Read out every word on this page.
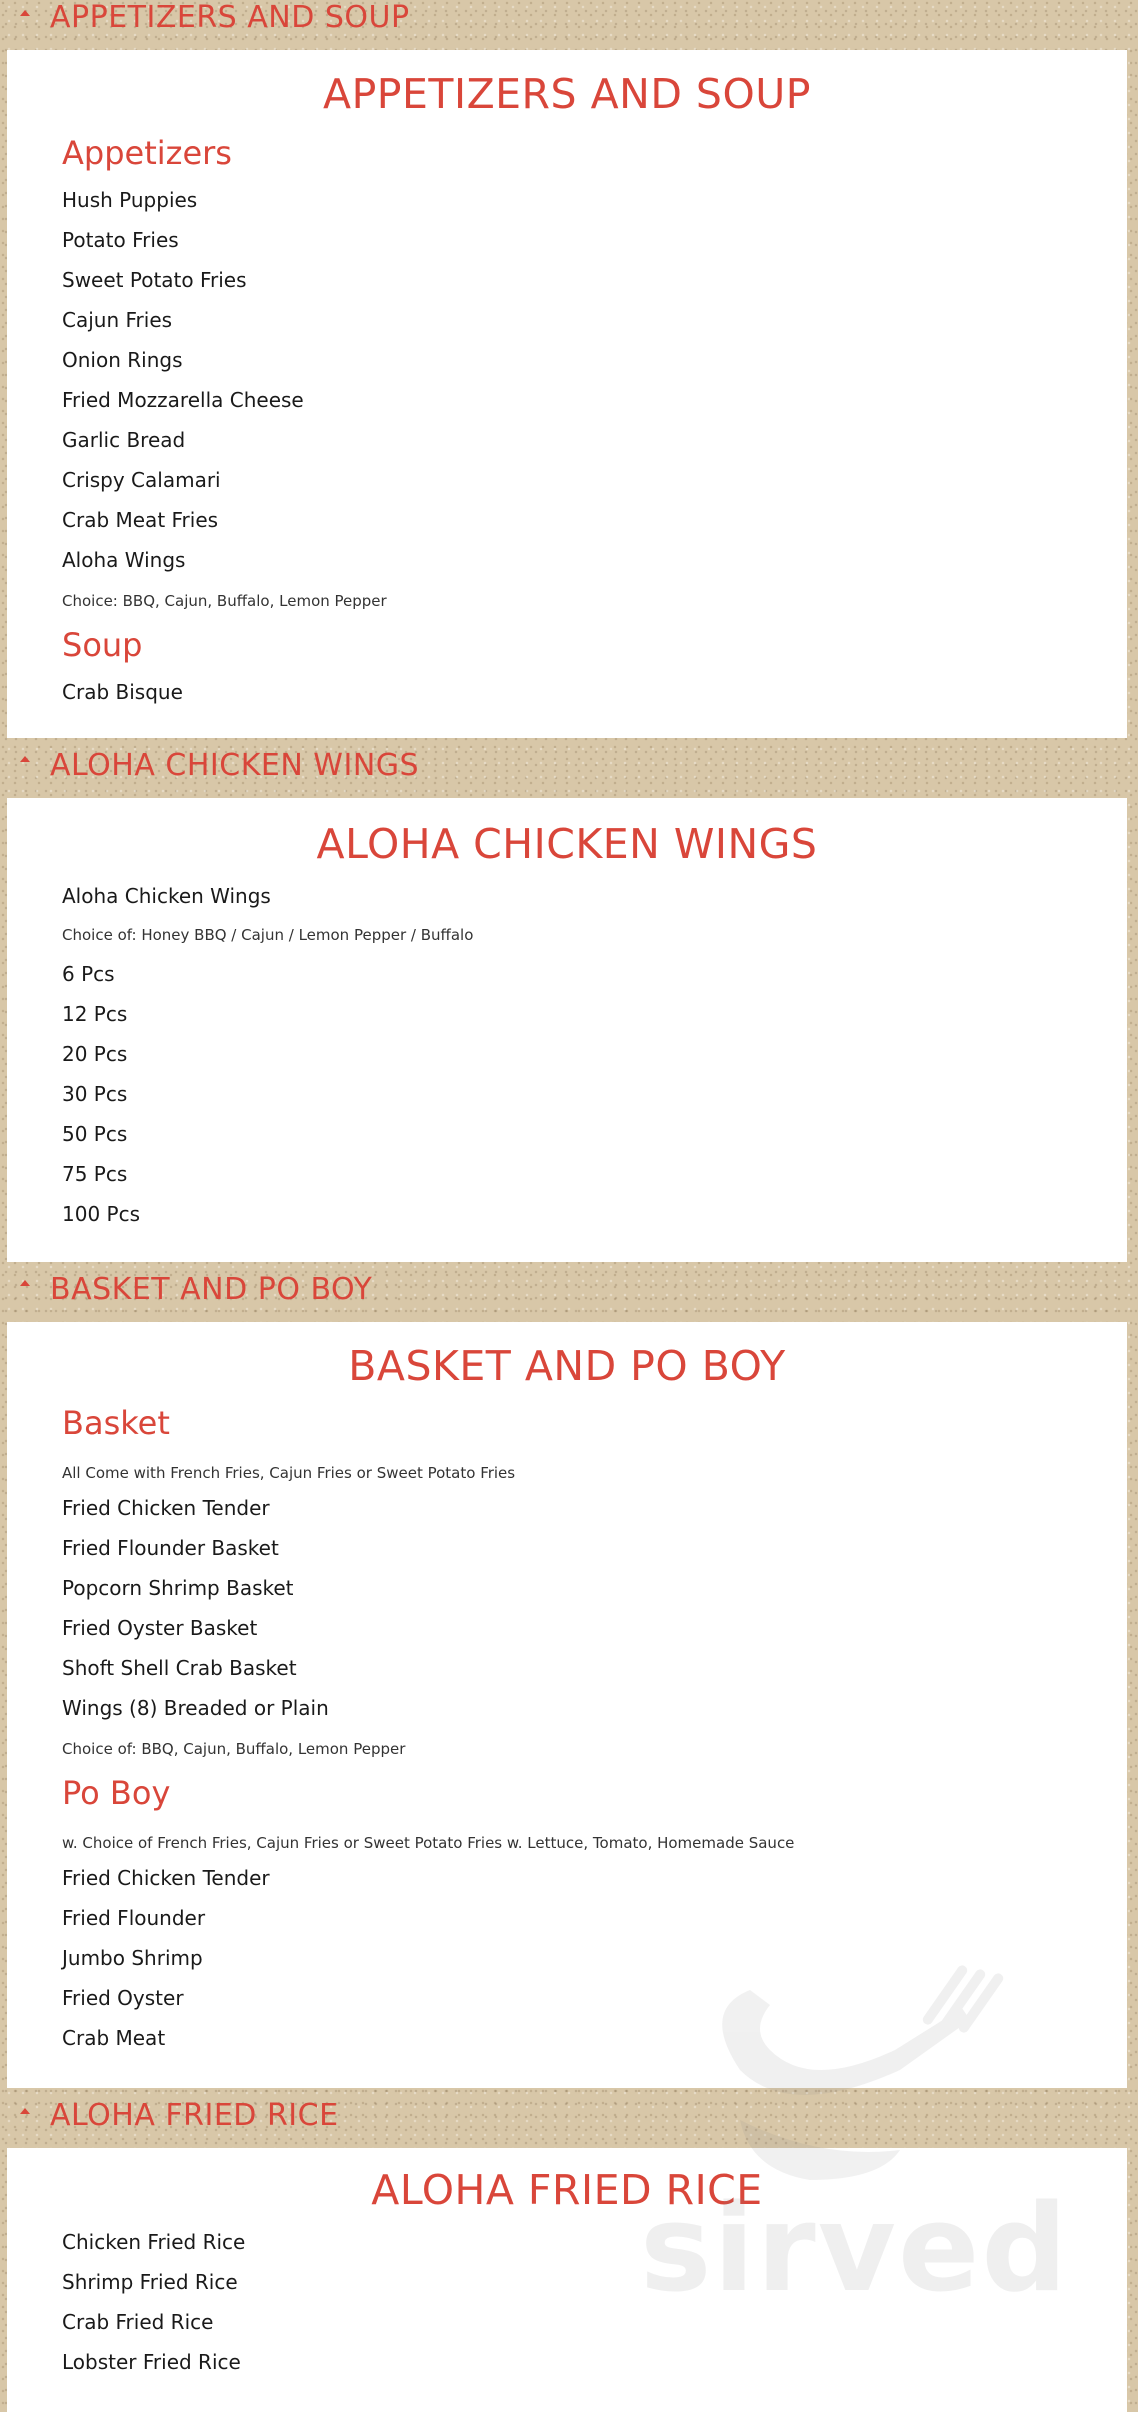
APPETIZERS AND SOUP
APPETIZERS AND SOUP
Appetizers
Hush Puppies
Potato Fries
Sweet Potato Fries
Cajun Fries
Onion Rings
Fried Mozzarella Cheese
Garlic Bread
Crispy Calamari
Crab Meat Fries
Aloha Wings
Choice: BBQ, Cajun, Buffalo, Lemon Pepper
Soup
Crab Bisque
ALOHA CHICKEN WINGS
ALOHA CHICKEN WINGS
Aloha Chicken Wings
Choice of: Honey BBQ / Cajun / Lemon Pepper / Buffalo
6 Pcs
12 Pcs
20 Pcs
30 Pcs
50 Pcs
75 Pcs
100 Pcs
BASKET AND PO BOY
BASKET AND PO BOY
Basket
All Come with French Fries, Cajun Fries or Sweet Potato Fries
Fried Chicken Tender
Fried Flounder Basket
Popcorn Shrimp Basket
Fried Oyster Basket
Shoft Shell Crab Basket
Wings (8) Breaded or Plain
Choice of: BBQ, Cajun, Buffalo, Lemon Pepper
Po Boy
w. Choice of French Fries, Cajun Fries or Sweet Potato Fries w. Lettuce, Tomato, Homemade Sauce
Fried Chicken Tender
Fried Flounder
Jumbo Shrimp
Fried Oyster
Crab Meat
ALOHA FRIED RICE
ALOHA FRIED RICE
Chicken Fried Rice
Shrimp Fried Rice
Crab Fried Rice
Lobster Fried Rice
